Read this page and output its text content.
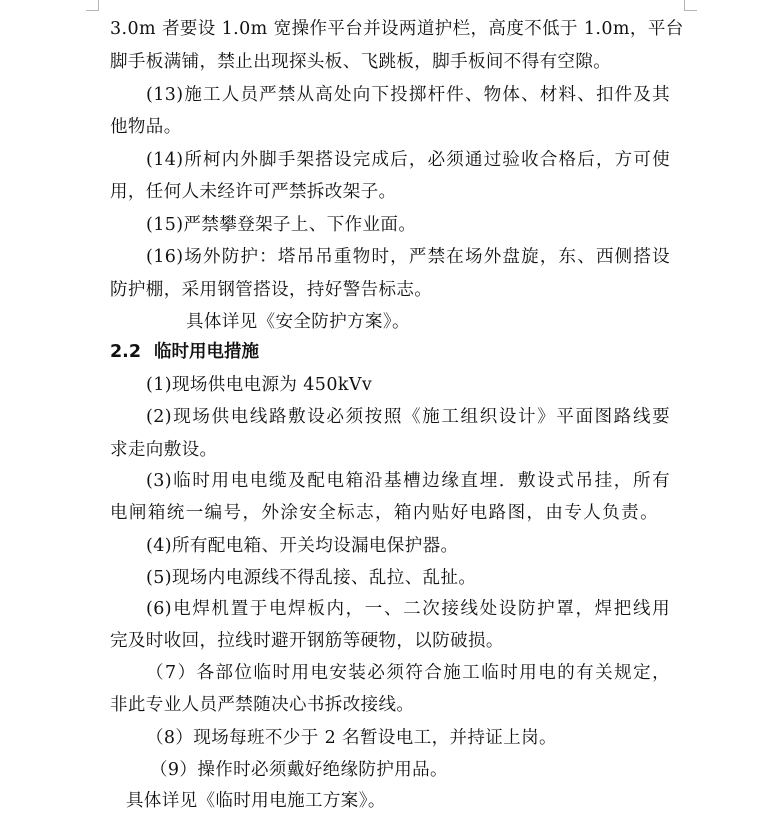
3.0m 者要设 1.0m 宽操作平台并设两道护栏，高度不低于 1.0m，平台
脚手板满铺，禁止出现探头板、飞跳板，脚手板间不得有空隙。
(13)施工人员严禁从高处向下投掷杆件、物体、材料、扣件及其
他物品。
(14)所柯内外脚手架搭设完成后，必须通过验收合格后，方可使
用，任何人未经许可严禁拆改架子。
(15)严禁攀登架子上、下作业面。
(16)场外防护：塔吊吊重物时，严禁在场外盘旋，东、西侧搭设
防护棚，采用钢管搭设，持好警告标志。
具体详见《安全防护方案》。
2.2 临时用电措施
(1)现场供电电源为 450kVv
(2)现场供电线路敷设必须按照《施工组织设计》平面图路线要
求走向敷设。
(3)临时用电电缆及配电箱沿基槽边缘直埋．敷设式吊挂，所有
电闸箱统一编号，外涂安全标志，箱内贴好电路图，由专人负责。
(4)所有配电箱、开关均设漏电保护器。
(5)现场内电源线不得乱接、乱拉、乱扯。
(6)电焊机置于电焊板内，一、二次接线处设防护罩，焊把线用
完及时收回，拉线时避开钢筋等硬物，以防破损。
（7）各部位临时用电安装必须符合施工临时用电的有关规定，
非此专业人员严禁随决心书拆改接线。
（8）现场每班不少于 2 名暂设电工，并持证上岗。
（9）操作时必须戴好绝缘防护用品。
具体详见《临时用电施工方案》。
